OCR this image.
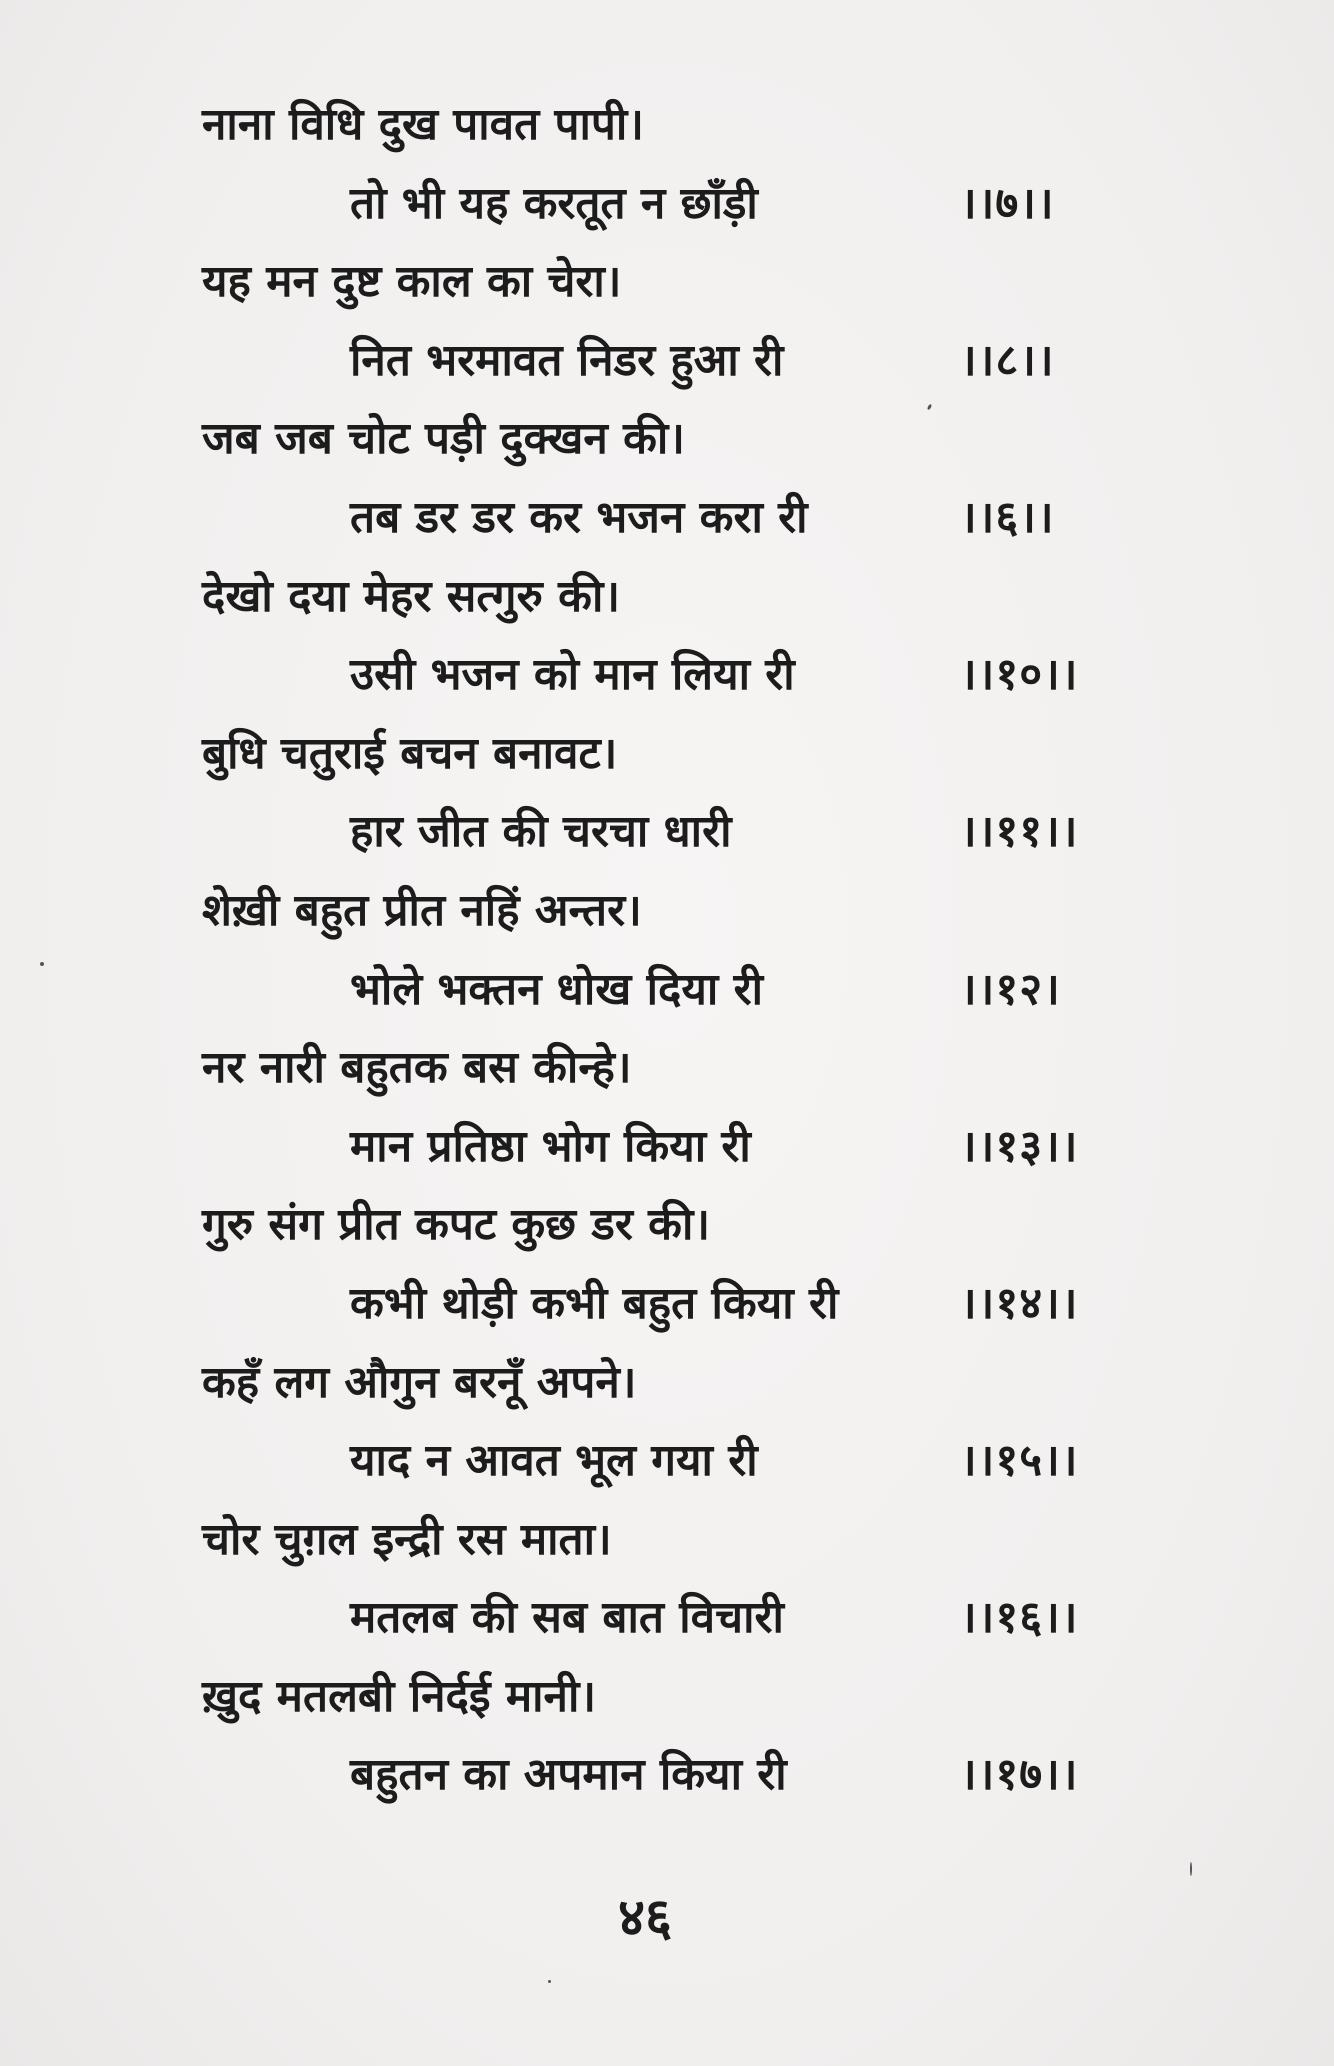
नाना विधि दुख पावत पापी।
तो भी यह करतूत न छाँड़ी	।।७।।
यह मन दुष्ट काल का चेरा।
नित भरमावत निडर हुआ री	।।८।।
जब जब चोट पड़ी दुक्खन की।
तब डर डर कर भजन करा री	।।६।।
देखो दया मेहर सत्गुरु की।
उसी भजन को मान लिया री	।।१०।।
बुधि चतुराई बचन बनावट।
हार जीत की चरचा धारी	।।११।।
शेख़ी बहुत प्रीत नहिं अन्तर।
भोले भक्तन धोख दिया री	।।१२।
नर नारी बहुतक बस कीन्हे।
मान प्रतिष्ठा भोग किया री	।।१३।।
गुरु संग प्रीत कपट कुछ डर की।
कभी थोड़ी कभी बहुत किया री	।।१४।।
कहँ लग औगुन बरनूँ अपने।
याद न आवत भूल गया री	।।१५।।
चोर चुग़ल इन्द्री रस माता।
मतलब की सब बात विचारी	।।१६।।
ख़ुद मतलबी निर्दई मानी।
बहुतन का अपमान किया री	।।१७।।
४६
